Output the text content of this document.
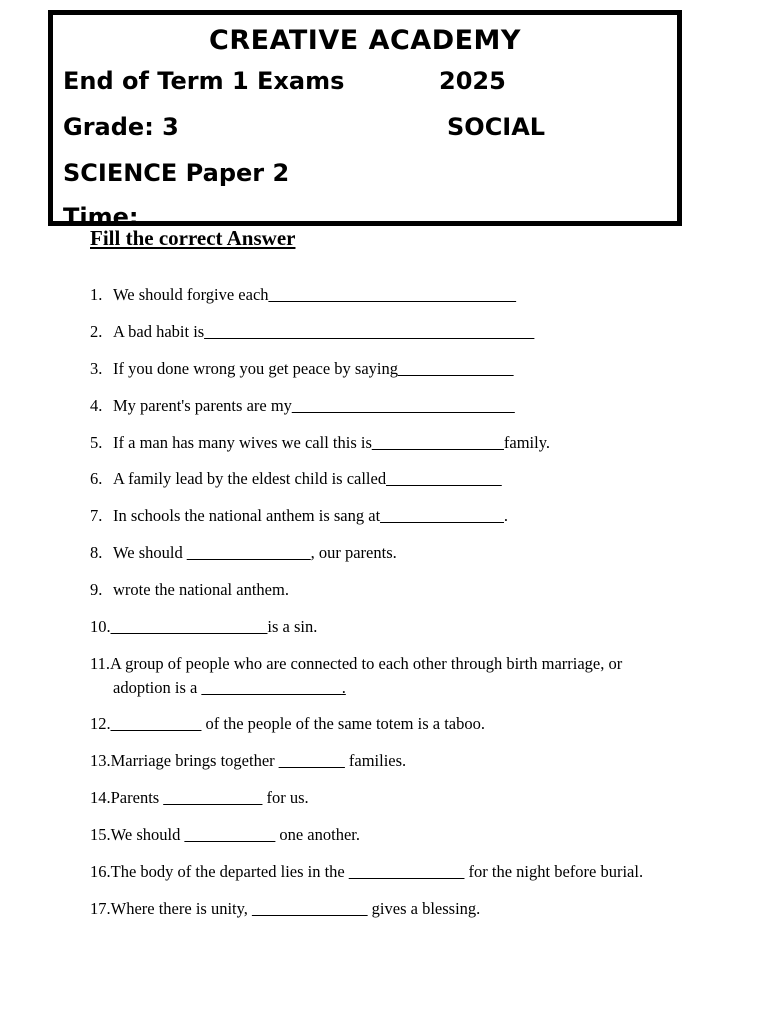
CREATIVE ACADEMY
End of Term 1 Exams	2025
Grade: 3	SOCIAL
SCIENCE Paper 2
Time:
Fill the correct Answer
1. We should forgive each______________________________
2. A bad habit is________________________________________
3. If you done wrong you get peace by saying______________
4. My parent's parents are my___________________________
5. If a man has many wives we call this is________________family.
6. A family lead by the eldest child is called______________
7. In schools the national anthem is sang at_______________.
8. We should _______________, our parents.
9. wrote the national anthem.
10.___________________is a sin.
11.A group of people who are connected to each other through birth marriage, or
adoption is a _________________.
12.___________ of the people of the same totem is a taboo.
13.Marriage brings together ________ families.
14.Parents ____________ for us.
15.We should ___________ one another.
16.The body of the departed lies in the ______________ for the night before burial.
17.Where there is unity, ______________ gives a blessing.
